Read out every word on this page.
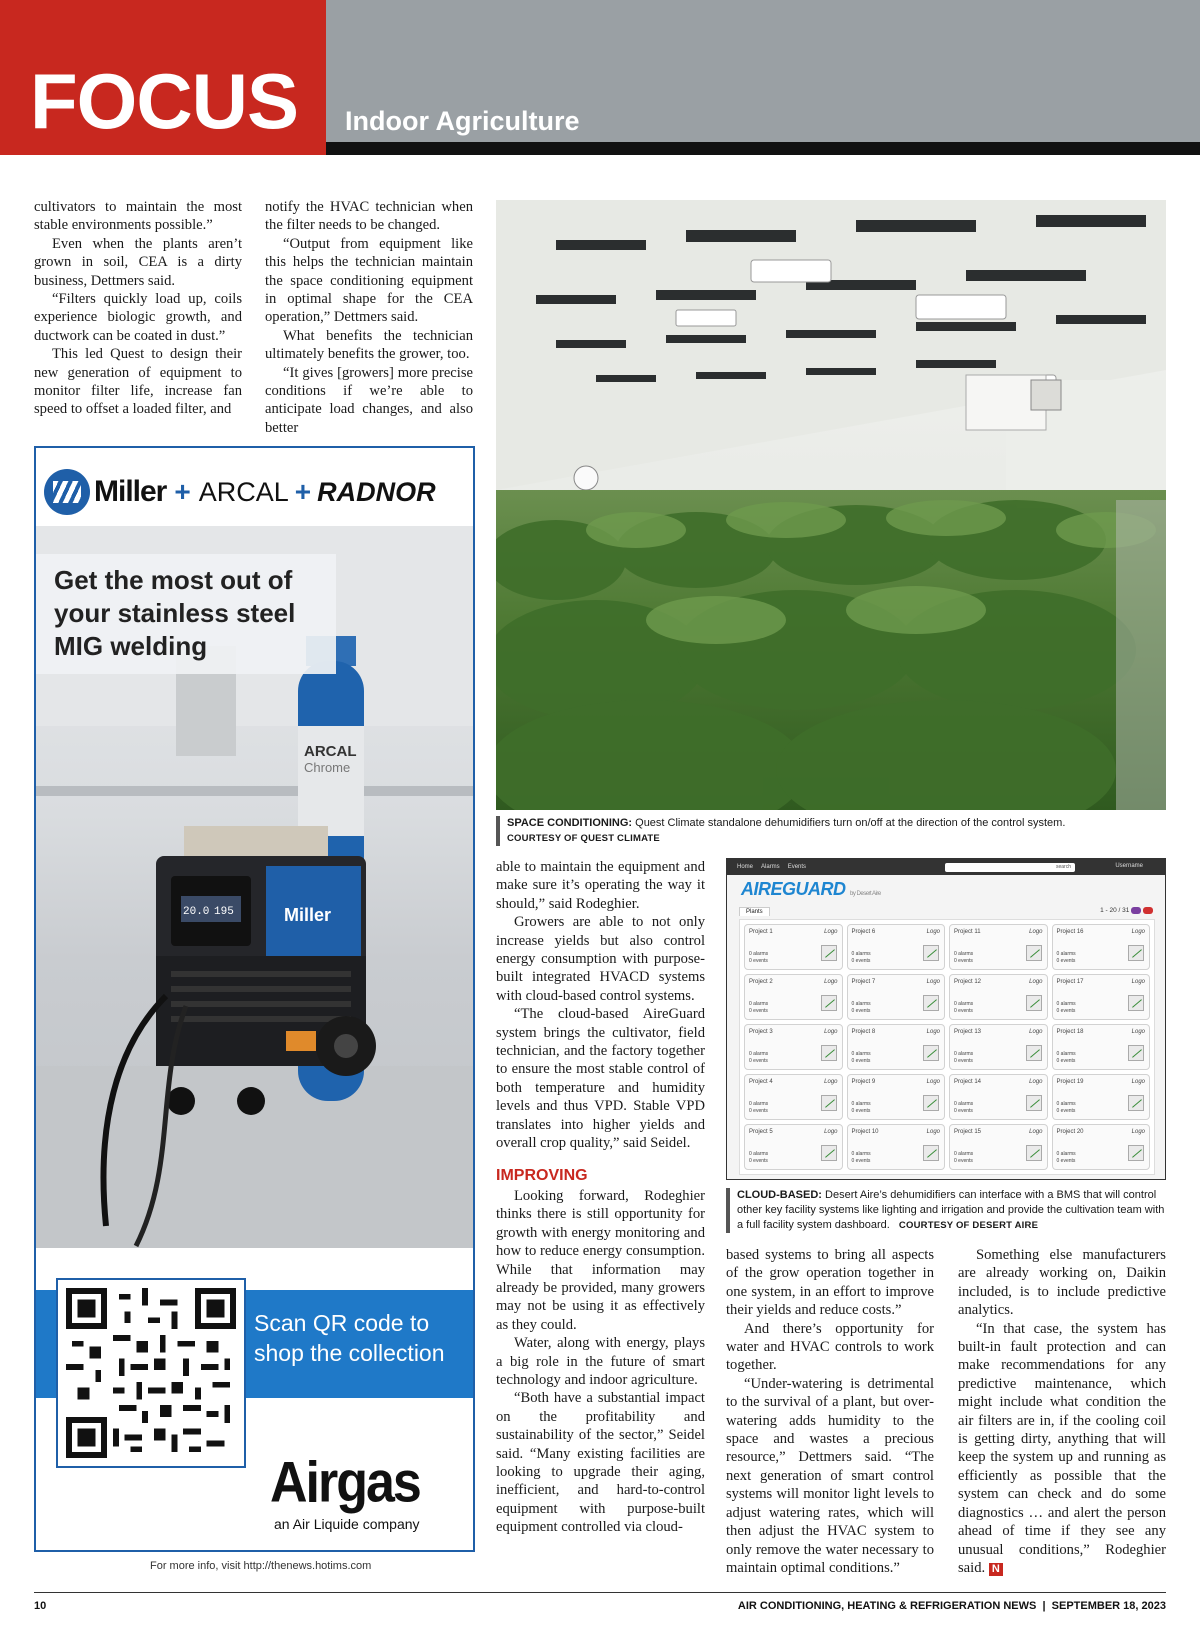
FOCUS Indoor Agriculture

cultivators to maintain the most stable environments possible.”

Even when the plants aren’t grown in soil, CEA is a dirty business, Dettmers said.

“Filters quickly load up, coils experience biologic growth, and ductwork can be coated in dust.”

This led Quest to design their new generation of equipment to monitor filter life, increase fan speed to offset a loaded filter, and

notify the HVAC technician when the filter needs to be changed.

“Output from equipment like this helps the technician maintain the space conditioning equipment in optimal shape for the CEA operation,” Dettmers said.

What benefits the technician ultimately benefits the grower, too.

“It gives [growers] more precise conditions if we’re able to anticipate load changes, and also better

SPACE CONDITIONING: Quest Climate standalone dehumidifiers turn on/off at the direction of the control system.
COURTESY OF QUEST CLIMATE
Miller + ARCAL + RADNOR
ARCAL
Chrome
Miller
20.0 195
Get the most out of your stainless steel MIG welding
Scan QR code to shop the collection
Airgas
an Air Liquide company
For more info, visit http://thenews.hotims.com

able to maintain the equipment and make sure it’s operating the way it should,” said Rodeghier.

Growers are able to not only increase yields but also control energy consumption with purpose-built integrated HVACD systems with cloud-based control systems.

“The cloud-based AireGuard system brings the cultivator, field technician, and the factory together to ensure the most stable control of both temperature and humidity levels and thus VPD. Stable VPD translates into higher yields and overall crop quality,” said Seidel.

IMPROVING

Looking forward, Rodeghier thinks there is still opportunity for growth with energy monitoring and how to reduce energy consumption. While that information may already be provided, many growers may not be using it as effectively as they could.

Water, along with energy, plays a big role in the future of smart technology and indoor agriculture.

“Both have a substantial impact on the profitability and sustainability of the sector,” Seidel said. “Many existing facilities are looking to upgrade their aging, inefficient, and hard-to-control equipment with purpose-built equipment controlled via cloud-

Home Alarms Events	search	Username
AIREGUARD by Desert Aire
Plants	1 - 20 / 31
Project 1	Logo
0 alarms
0 events
Project 6	Logo
0 alarms
0 events
Project 11	Logo
0 alarms
0 events
Project 16	Logo
0 alarms
0 events
Project 2	Logo
0 alarms
0 events
Project 7	Logo
0 alarms
0 events
Project 12	Logo
0 alarms
0 events
Project 17	Logo
0 alarms
0 events
Project 3	Logo
0 alarms
0 events
Project 8	Logo
0 alarms
0 events
Project 13	Logo
0 alarms
0 events
Project 18	Logo
0 alarms
0 events
Project 4	Logo
0 alarms
0 events
Project 9	Logo
0 alarms
0 events
Project 14	Logo
0 alarms
0 events
Project 19	Logo
0 alarms
0 events
Project 5	Logo
0 alarms
0 events
Project 10	Logo
0 alarms
0 events
Project 15	Logo
0 alarms
0 events
Project 20	Logo
0 alarms
0 events
CLOUD-BASED: Desert Aire’s dehumidifiers can interface with a BMS that will control other key facility systems like lighting and irrigation and provide the cultivation team with a full facility system dashboard. COURTESY OF DESERT AIRE

based systems to bring all aspects of the grow operation together in one system, in an effort to improve their yields and reduce costs.”

And there’s opportunity for water and HVAC controls to work together.

“Under-watering is detrimental to the survival of a plant, but over-watering adds humidity to the space and wastes a precious resource,” Dettmers said. “The next generation of smart control systems will monitor light levels to adjust watering rates, which will then adjust the HVAC system to only remove the water necessary to maintain optimal conditions.”

Something else manufacturers are already working on, Daikin included, is to include predictive analytics.

“In that case, the system has built-in fault protection and can make recommendations for any predictive maintenance, which might include what condition the air filters are in, if the cooling coil is getting dirty, anything that will keep the system up and running as efficiently as possible that the system can check and do some diagnostics … and alert the person ahead of time if they see any unusual conditions,” Rodeghier said. N

10	AIR CONDITIONING, HEATING & REFRIGERATION NEWS | SEPTEMBER 18, 2023
